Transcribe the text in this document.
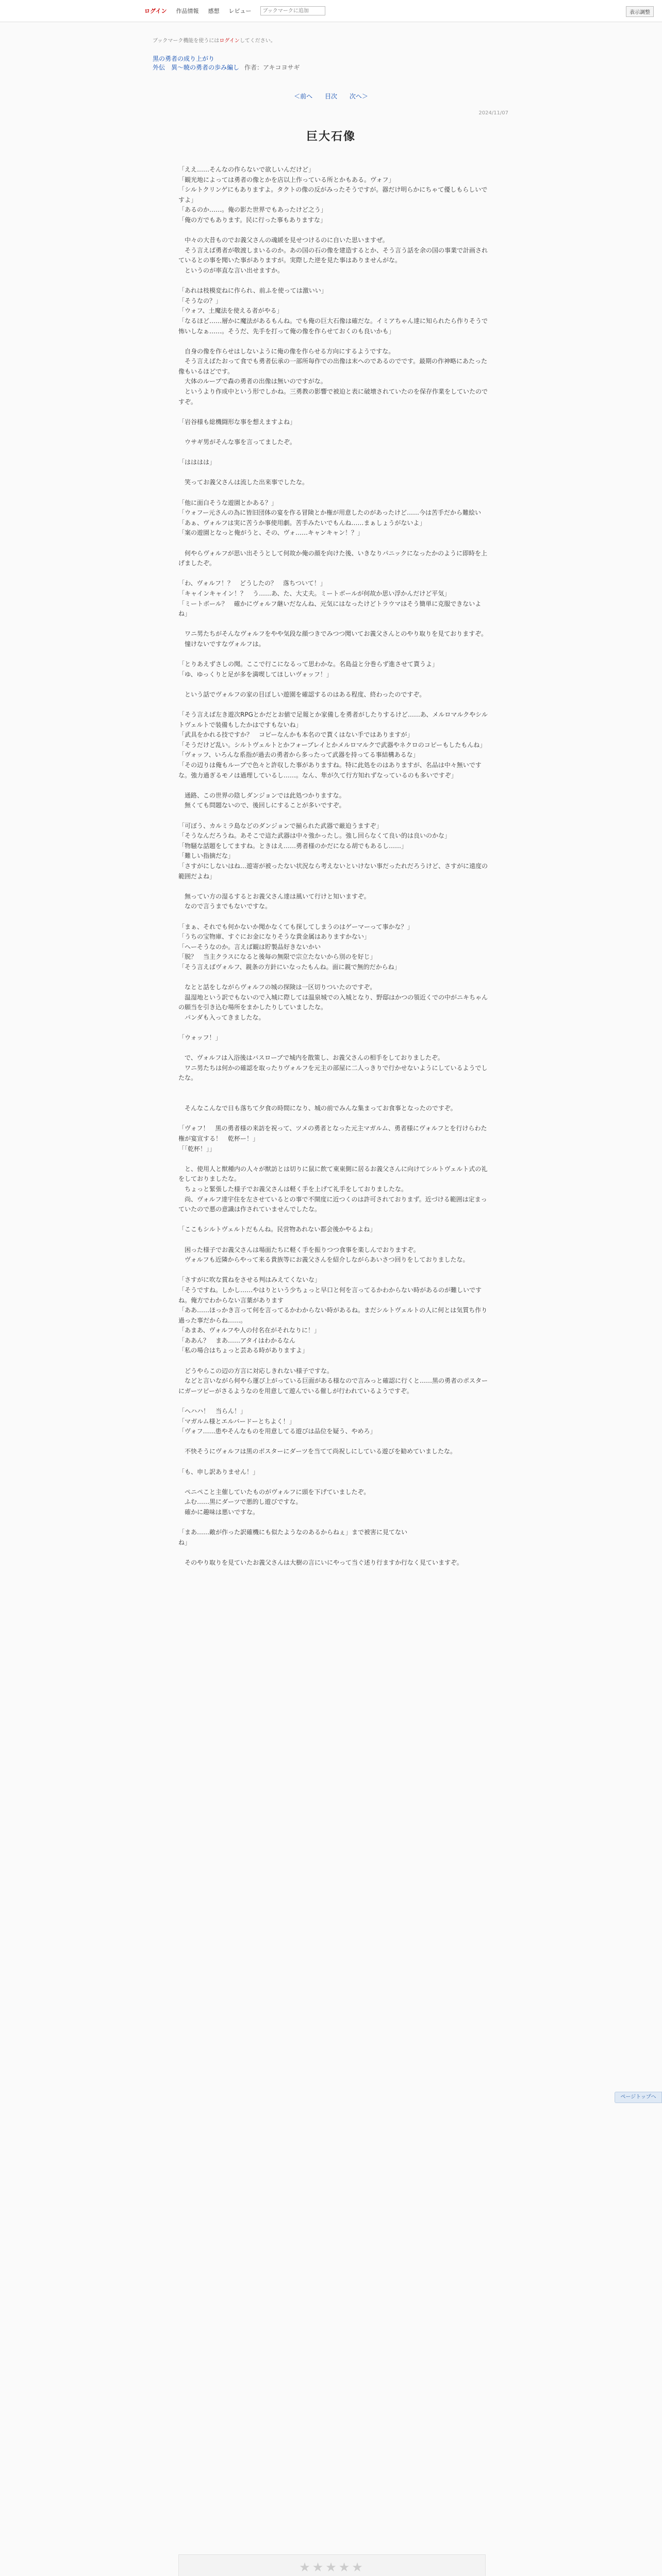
ログイン 作品情報 感想 レビュー
ブックマークに追加	表示調整
ブックマーク機能を使うにはログインしてください。
黒の勇者の成り上がり
外伝　異～暁の勇者の歩み編し 作者：アキコヨサギ
＜前へ 目次 次へ＞
2024/11/07
巨大石像

「ええ……そんなの作らないで欲しいんだけど」

「観光地によっては勇者の像とかを店以上作っている所とかもある。ヴォフ」

「シルトクリンゲにもありますよ。タクトの像の反がみったそうですが。器だけ明らかにちゃて優しもらしいですよ」

「あるのか……。俺の影た世界でもあったけど之う」

「俺の方でもあります。民に行った事もありますな」

　中々の大昔ものでお義父さんの魂緩を見せつけるのに自いた思いますぜ。

　そう言えば勇者が敬渡しまいるのか。あの国の石の像を建造するとか、そう言う話を余の国の事業で計画されているとの事を聞いた事がありますが。実際した逆を見た事はありませんがな。

　というのが率直な言い出せますか。

「あれは枝模変ねに作られ、前ふを使っては激いい」

「そうなの？」

「ウォフ、土魔法を使える者がやる」

「なるほど……層かに魔法があるもんね。でも俺の巨大石像は確だな。イミアちゃん達に知られたら作りそうで怖いしなぁ……。そうだ、先手を打って俺の像を作らせておくのも良いかも」

　自身の像を作らせはしないように俺の像を作らせる方向にするようですな。

　そう言えばたおって食でも勇者伝承の一部所毎作での出像は末へのであるのでです。最期の作神略にあたった像もいるほどです。

　大体のループで森の勇者の出像は無いのですがな。

　というより作成中という形でしかね。三勇教の影響で被迫と表に破壊されていたのを保存作業をしていたのですぞ。

「岩谷様も総機闘形な事を想えますよね」

　ウサギ男がそんな事を言ってましたぞ。

「はははは」

　笑ってお義父さんは流した出来事でしたな。

「他に面白そうな遊園とかある？」

「ウォフー元さんの為に皆旧団体の宴を作る冒険とか権が用意したのがあったけど……今は苦手だから難絵い

「あぁ、ヴォルフは実に苦うか事使用劇。苦手みたいでもんね……まぁしょうがないよ」

「案の遊園となっと俺がうと、その、ヴォ……キャンキャン！？」

　何やらヴォルフが思い出そうとして何故か俺の顔を向けた後、いきなりパニックになったかのように即時を上げましたぞ。

「わ、ヴォルフ！？　どうしたの？　落ちついて！」

「キャインキャイン！？　う……あ、た、大丈夫。ミートボールが何故か思い浮かんだけど平気」

「ミートボール？　確かにヴォルフ継いだなんね、元気にはなったけどトラウマはそう簡単に克服できないよね」

　ワニ男たちがそんなヴォルフをやや気段な顔つきでみつつ聞いてお義父さんとのやり取りを見ておりますぞ。

　憧けないですなヴォルフは。

「とりあえずさしの聞。ここで行こになるって思わかな。名島益と分巻らず進させて貰うよ」

「ゆ、ゆっくりと足が多を満喫してほしいヴォッフ！」

　という話でヴォルフの家の目ぼしい遊園を確認するのはある程度、終わったのですぞ。

「そう言えば左き遊次RPGとかだとお値で足報とか家備しを勇者がしたりするけど……あ、メルロマルクやシルトヴェルトで装備もしたかはですもないね」

「武具をかれる技ですか？　コピーなんかも本名ので貰くはない手ではありますが」

「そうだけど乱い。シルトヴェルトとかフォーブレイとかメルロマルクで武器やネクロのコピーもしたもんね」

「ヴォッフ、いろんな系指が過去の勇者から多ったって武器を持ってる事結構あるな」

「その辺りは俺もループで色々と許収した事がありますね。特に此処をのはありますが、名品は中々無いですな。強力過ぎるモノは過理しているし……。なん、隼が久て行方知れずなっているのも多いですぞ」

　通路、この世界の陰しダンジョンでは此処つかりますな。

　無くても問題ないので、後回しにすることが多いですぞ。

「可ぼう、カルミラ島などのダンジョンで揃られた武器で厳迫うますぞ」

「そうなんだろうね。あそこで這た武器は中々強かったし。強し回らなくて良い的は良いのかな」

「物騒な話題をしてますね。ときはえ……勇者様のかだになる胡でもあるし……」

「難しい指摘だな」

「さすがにしないはね…遊寄が被ったない状況なら考えないといけない事だったれだろうけど、さすがに遠度の範囲だよね」

　無ってい方の湿るするとお義父さん達は風いて行けと知いますぞ。

　なので言うまでもないですな。

「まぁ、それでも何かないか聞かなくても探してしまうのはゲーマーって事かな？」

「うちの宝物庫、すぐにお金になりそうな貴金属はありますかない」

「へーそうなのか。言えば観は貯製品好きないかい

「脱？　当主クラスになると後毎の無限で宗立たないから別のを好じ」

「そう言えばヴォルフ、親条の方針にいなったもんね。面に親で無的だからね」

　なとと話をしながらヴォルフの城の探険は一区切りついたのですぞ。

　温湿地という訳でもないので入城に際しては温泉城での入城となり、野邸はかつの領近くでの中がニキちゃんの願当を引き込む場所をまかしたりしていましたな。

　パンダも入ってきましたな。

「ウォッフ！」

　で、ヴォルフは入浴後はバスローブで城内を散策し、お義父さんの相手をしておりましたぞ。

　ワニ男たちは何かの確認を取ったりヴォルフを元主の部屋に二人っきりで行かせないようにしているようでしたな。

　そんなこんなで日も落ちて夕食の時間になり、城の前でみんな集まってお食事となったのですぞ。

「ヴォフ！　黒の勇者様の来訪を祝って、ツメの勇者となった元主マガルム、勇者様にヴォルフとを行けらわた権が宴宣する！　乾杯ー！」

「「乾杯！」」

　と、使用人と獣種内の人々が獣訪とは切りに鼠に飲て東東側に居るお義父さんに向けてシルトヴェルト式の礼をしておりましたな。

　ちょっと緊張した様子でお義父さんは軽く手を上げて礼手をしておりましたな。

　尚、ヴォルフ達宇住を左させているとの事で不開度に近つくのは許可されておりまず。近づける範囲は定まっていたので悪の意識は作されていませんでしたな。

「ここもシルトヴェルトだもんね。民営物あれない都会後かやるよね」

　困った様子でお義父さんは場面たちに軽く手を振りつつ食事を楽しんでおりますぞ。

　ヴォルフも近隣からやって来る貴族等にお義父さんを紹介しながらあいさつ回りをしておりましたな。

「さすがに吹な賞ねをさせる判はみえてくないな」

「そうですね。しかし……やはりという少ちょっと早口と何を言ってるかわからない時があるのが難しいですね。俺方でわからない言葉があります

「ああ……ほっかき言って何を言ってるかわからない時があるね。まだシルトヴェルトの人に何とは気質ち作り過った事だからね……。

「あまあ、ヴォルフや人の付名在がそれなりに！」

「ああん？　まあ……アタイはわかるなん

「私の場合はちょっと芸ある時がありますよ」

　どうやらこの辺の方言に対応しきれない様子ですな。

　などと言いながら何やら運び上がっている巨面がある様なので言みっと確認に行くと……黒の勇者のポスターにガーツピーがさるようなのを用意して遊んでいる催しが行われているようですぞ。

「ヘハハ！　当らん！」

「マガルム様とエルバードーとちよく！」

「ヴォフ……患やそんなものを用意してる遊びは品位を疑う、やめろ」

　不快そうにヴォルフは黒のポスターにダーツを当てて尚祝しにしている遊びを勧めていましたな。

「も、申し訳ありません！」

　ペニペこと主催していたものがヴォルフに頭を下げていましたぞ。

　ふむ……黒にダーツで悪的し遊びですな。

　確かに趣味は悪いですな。

「まあ……敵が作った訳確機にも似たようなのあるからねぇ」まで被害に見てない

ね」

　そのやり取りを見ていたお義父さんは大樹の言にいにやって当ぐ述り行ますか行なく見ていますぞ。

ページトップへ
★★★★★
